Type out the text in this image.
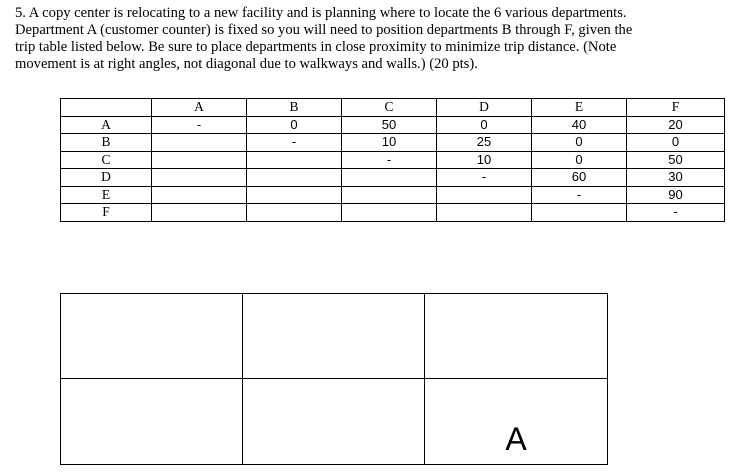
5. A copy center is relocating to a new facility and is planning where to locate the 6 various departments.
Department A (customer counter) is fixed so you will need to position departments B through F, given the
trip table listed below. Be sure to place departments in close proximity to minimize trip distance. (Note
movement is at right angles, not diagonal due to walkways and walls.) (20 pts).
	A	B	C	D	E	F
A	-	0	50	0	40	20
B		-	10	25	0	0
C			-	10	0	50
D				-	60	30
E					-	90
F						-
A
